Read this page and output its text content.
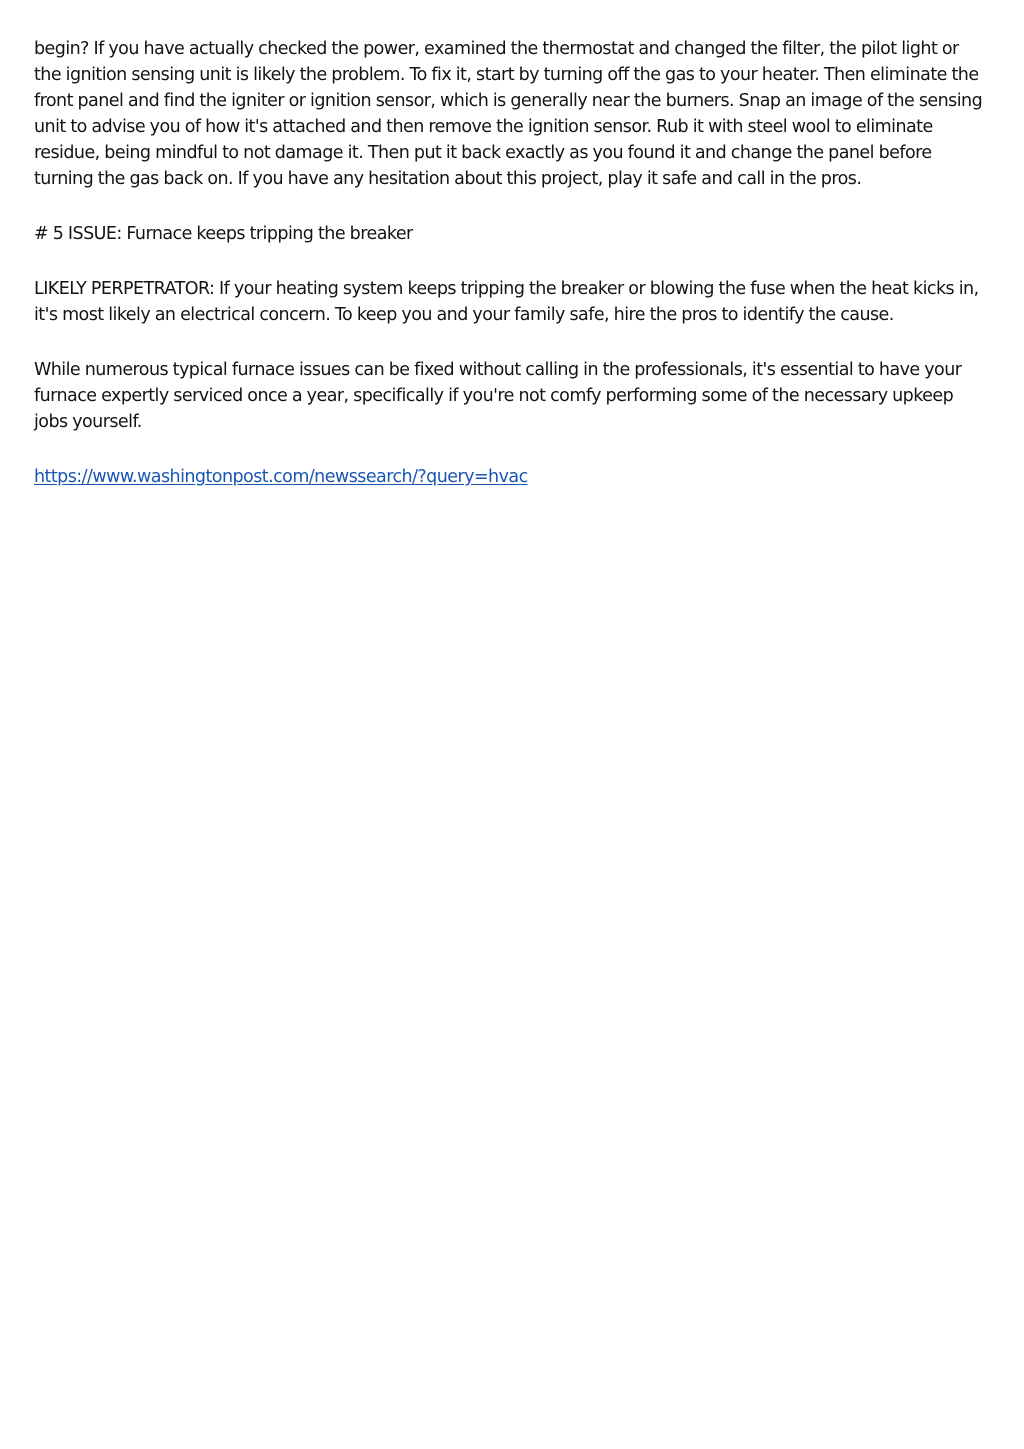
begin? If you have actually checked the power, examined the thermostat and changed the filter, the pilot light or the ignition sensing unit is likely the problem. To fix it, start by turning off the gas to your heater. Then eliminate the front panel and find the igniter or ignition sensor, which is generally near the burners. Snap an image of the sensing unit to advise you of how it's attached and then remove the ignition sensor. Rub it with steel wool to eliminate residue, being mindful to not damage it. Then put it back exactly as you found it and change the panel before turning the gas back on. If you have any hesitation about this project, play it safe and call in the pros.

# 5 ISSUE: Furnace keeps tripping the breaker

LIKELY PERPETRATOR: If your heating system keeps tripping the breaker or blowing the fuse when the heat kicks in, it's most likely an electrical concern. To keep you and your family safe, hire the pros to identify the cause.

While numerous typical furnace issues can be fixed without calling in the professionals, it's essential to have your furnace expertly serviced once a year, specifically if you're not comfy performing some of the necessary upkeep jobs yourself.

https://www.washingtonpost.com/newssearch/?query=hvac
